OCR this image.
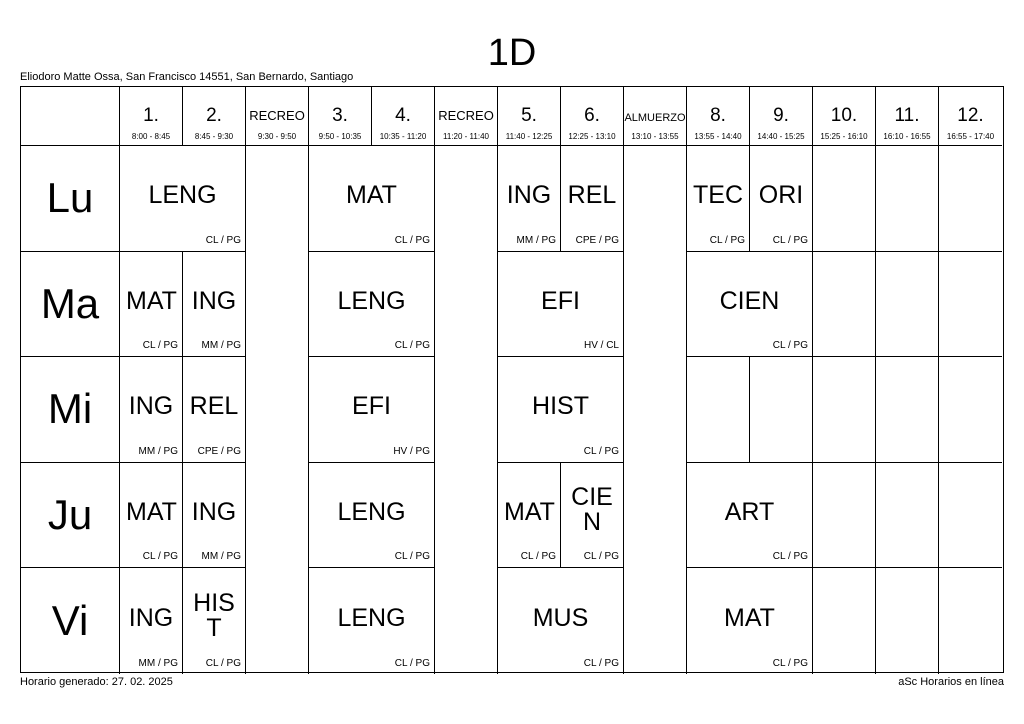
1D
Eliodoro Matte Ossa, San Francisco 14551, San Bernardo, Santiago
1.
8:00 - 8:45
2.
8:45 - 9:30
RECREO
9:30 - 9:50
3.
9:50 - 10:35
4.
10:35 - 11:20
RECREO
11:20 - 11:40
5.
11:40 - 12:25
6.
12:25 - 13:10
ALMUERZO
13:10 - 13:55
8.
13:55 - 14:40
9.
14:40 - 15:25
10.
15:25 - 16:10
11.
16:10 - 16:55
12.
16:55 - 17:40
Lu
Ma
Mi
Ju
Vi
LENG
CL / PG
MAT
CL / PG
ING
MM / PG
REL
CPE / PG
TEC
CL / PG
ORI
CL / PG
MAT
CL / PG
ING
MM / PG
LENG
CL / PG
EFI
HV / CL
CIEN
CL / PG
ING
MM / PG
REL
CPE / PG
EFI
HV / PG
HIST
CL / PG
MAT
CL / PG
ING
MM / PG
LENG
CL / PG
MAT
CL / PG
CIEN
CL / PG
ART
CL / PG
ING
MM / PG
HIST
CL / PG
LENG
CL / PG
MUS
CL / PG
MAT
CL / PG
Horario generado: 27. 02. 2025	aSc Horarios en línea
